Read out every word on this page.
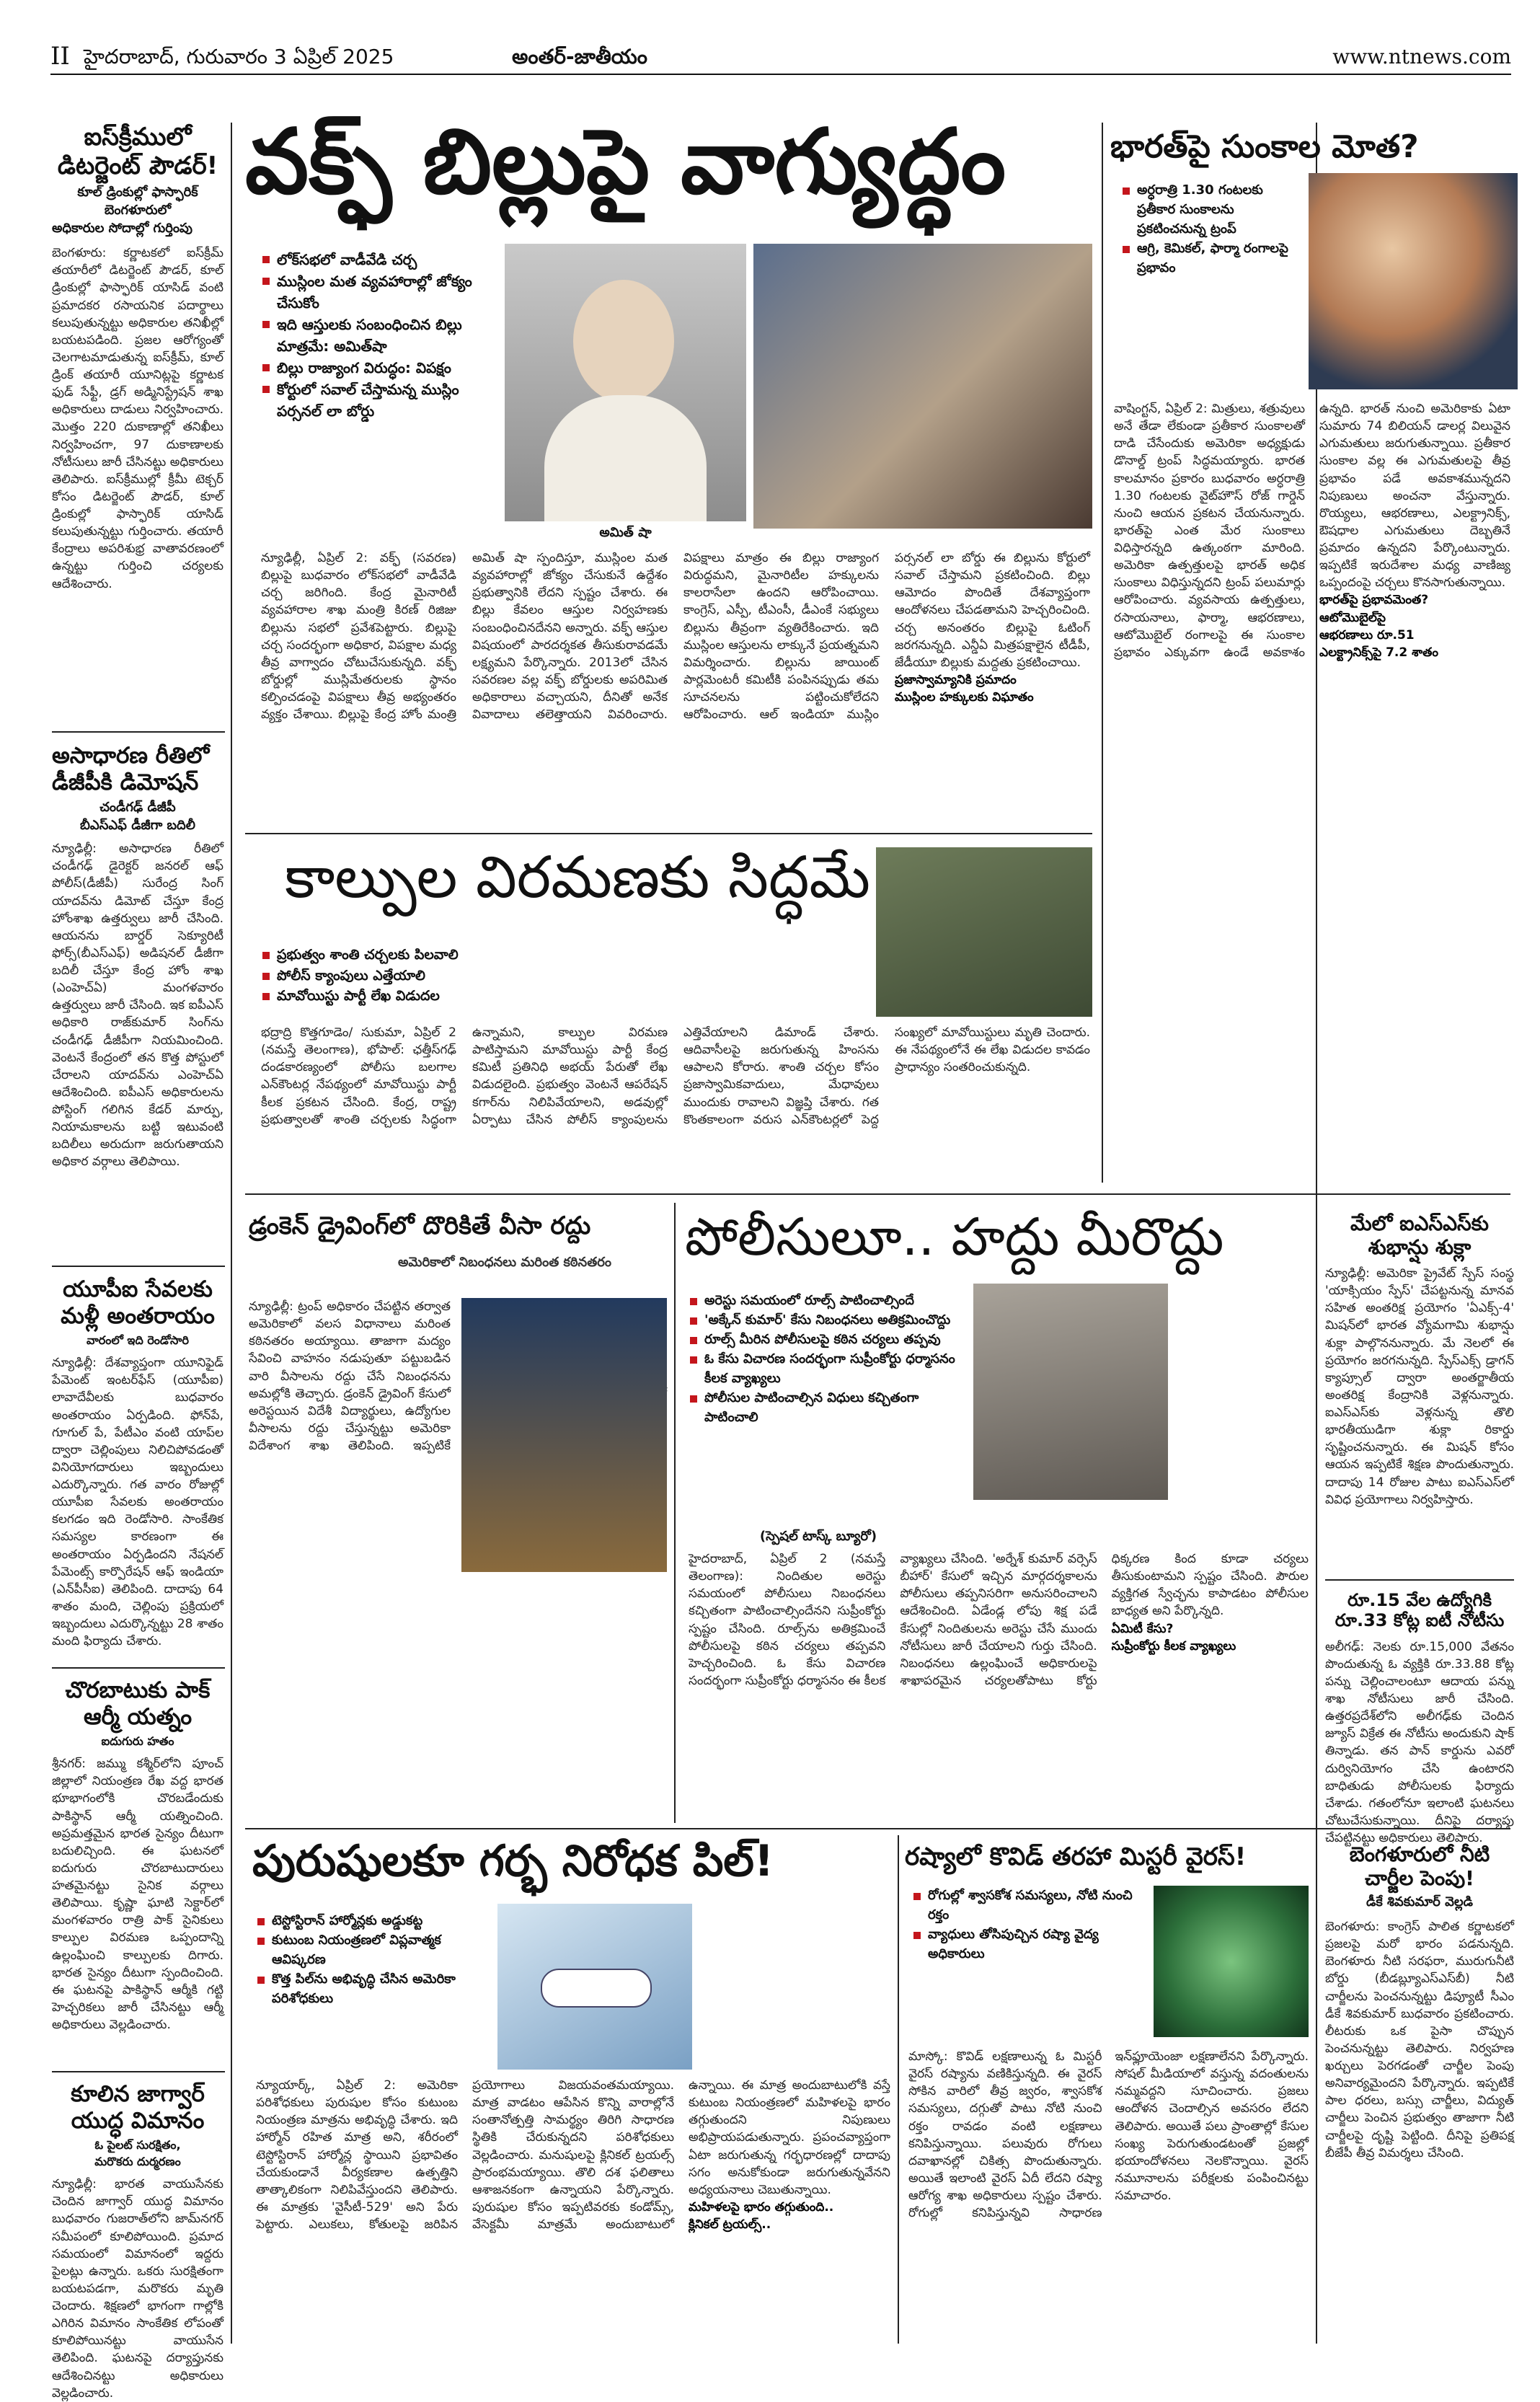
II హైదరాబాద్, గురువారం 3 ఏప్రిల్ 2025	అంతర్-జాతీయం	www.ntnews.com
ఐస్‌క్రీములో డిటర్జెంట్ పౌడర్!
కూల్ డ్రింకుల్లో ఫాస్ఫారిక్
బెంగళూరులో
అధికారుల సోదాల్లో గుర్తింపు
బెంగళూరు: కర్ణాటకలో ఐస్‌క్రీమ్ తయారీలో డిటర్జెంట్ పౌడర్, కూల్ డ్రింకుల్లో ఫాస్ఫారిక్ యాసిడ్ వంటి ప్రమాదకర రసాయనిక పదార్థాలు కలుపుతున్నట్టు అధికారుల తనిఖీల్లో బయటపడింది. ప్రజల ఆరోగ్యంతో చెలగాటమాడుతున్న ఐస్‌క్రీమ్, కూల్ డ్రింక్ తయారీ యూనిట్లపై కర్ణాటక ఫుడ్ సేఫ్టీ, డ్రగ్ అడ్మినిస్ట్రేషన్ శాఖ అధికారులు దాడులు నిర్వహించారు. మొత్తం 220 దుకాణాల్లో తనిఖీలు నిర్వహించగా, 97 దుకాణాలకు నోటీసులు జారీ చేసినట్టు అధికారులు తెలిపారు. ఐస్‌క్రీముల్లో క్రీమీ టెక్చర్ కోసం డిటర్జెంట్ పౌడర్, కూల్ డ్రింకుల్లో ఫాస్ఫారిక్ యాసిడ్ కలుపుతున్నట్టు గుర్తించారు. తయారీ కేంద్రాలు అపరిశుభ్ర వాతావరణంలో ఉన్నట్టు గుర్తించి చర్యలకు ఆదేశించారు.
అసాధారణ రీతిలో డీజీపీకి డిమోషన్
చండీగఢ్ డీజీపీ
బీఎస్‌ఎఫ్ డీజీగా బదిలీ
న్యూఢిల్లీ: అసాధారణ రీతిలో చండీగఢ్ డైరెక్టర్ జనరల్ ఆఫ్ పోలీస్(డీజీపీ) సురేంద్ర సింగ్ యాదవ్‌ను డిమోట్ చేస్తూ కేంద్ర హోంశాఖ ఉత్తర్వులు జారీ చేసింది. ఆయనను బార్డర్ సెక్యూరిటీ ఫోర్స్(బీఎస్‌ఎఫ్) అడిషనల్ డీజీగా బదిలీ చేస్తూ కేంద్ర హోం శాఖ (ఎంహెచ్‌ఏ) మంగళవారం ఉత్తర్వులు జారీ చేసింది. ఇక ఐపీఎస్ అధికారి రాజ్‌కుమార్ సింగ్‌ను చండీగఢ్ డీజీపీగా నియమించింది. వెంటనే కేంద్రంలో తన కొత్త పోస్టులో చేరాలని యాదవ్‌ను ఎంహెచ్‌ఏ ఆదేశించింది. ఐపీఎస్ అధికారులను పోస్టింగ్ గలిగిన కేడర్ మార్పు, నియామకాలను బట్టి ఇటువంటి బదిలీలు అరుదుగా జరుగుతాయని అధికార వర్గాలు తెలిపాయి.
యూపీఐ సేవలకు మళ్లీ అంతరాయం
వారంలో ఇది రెండోసారి
న్యూఢిల్లీ: దేశవ్యాప్తంగా యూనిఫైడ్ పేమెంట్ ఇంటర్‌ఫేస్ (యూపీఐ) లావాదేవీలకు బుధవారం అంతరాయం ఏర్పడింది. ఫోన్‌పే, గూగుల్ పే, పేటీఎం వంటి యాప్‌ల ద్వారా చెల్లింపులు నిలిచిపోవడంతో వినియోగదారులు ఇబ్బందులు ఎదుర్కొన్నారు. గత వారం రోజుల్లో యూపీఐ సేవలకు అంతరాయం కలగడం ఇది రెండోసారి. సాంకేతిక సమస్యల కారణంగా ఈ అంతరాయం ఏర్పడిందని నేషనల్ పేమెంట్స్ కార్పొరేషన్ ఆఫ్ ఇండియా (ఎన్‌పీసీఐ) తెలిపింది. దాదాపు 64 శాతం మంది, చెల్లింపు ప్రక్రియలో ఇబ్బందులు ఎదుర్కొన్నట్టు 28 శాతం మంది ఫిర్యాదు చేశారు.
చొరబాటుకు పాక్ ఆర్మీ యత్నం
ఐదుగురు హతం
శ్రీనగర్: జమ్ము కశ్మీర్‌లోని పూంచ్ జిల్లాలో నియంత్రణ రేఖ వద్ద భారత భూభాగంలోకి చొరబడేందుకు పాకిస్థాన్ ఆర్మీ యత్నించింది. అప్రమత్తమైన భారత సైన్యం దీటుగా బదులిచ్చింది. ఈ ఘటనలో ఐదుగురు చొరబాటుదారులు హతమైనట్టు సైనిక వర్గాలు తెలిపాయి. కృష్ణా ఘాటి సెక్టార్‌లో మంగళవారం రాత్రి పాక్ సైనికులు కాల్పుల విరమణ ఒప్పందాన్ని ఉల్లంఘించి కాల్పులకు దిగారు. భారత సైన్యం దీటుగా స్పందించింది. ఈ ఘటనపై పాకిస్థాన్ ఆర్మీకి గట్టి హెచ్చరికలు జారీ చేసినట్టు ఆర్మీ అధికారులు వెల్లడించారు.
కూలిన జాగ్వార్ యుద్ధ విమానం
ఓ పైలట్ సురక్షితం,
మరొకరు దుర్మరణం
న్యూఢిల్లీ: భారత వాయుసేనకు చెందిన జాగ్వార్ యుద్ధ విమానం బుధవారం గుజరాత్‌లోని జామ్‌నగర్ సమీపంలో కూలిపోయింది. ప్రమాద సమయంలో విమానంలో ఇద్దరు పైలట్లు ఉన్నారు. ఒకరు సురక్షితంగా బయటపడగా, మరొకరు మృతి చెందారు. శిక్షణలో భాగంగా గాల్లోకి ఎగిరిన విమానం సాంకేతిక లోపంతో కూలిపోయినట్టు వాయుసేన తెలిపింది. ఘటనపై దర్యాప్తునకు ఆదేశించినట్టు అధికారులు వెల్లడించారు.
వక్ఫ్ బిల్లుపై వాగ్యుద్ధం
లోక్‌సభలో వాడీవేడి చర్చ
ముస్లింల మత వ్యవహారాల్లో జోక్యం చేసుకోం
ఇది ఆస్తులకు సంబంధించిన బిల్లు మాత్రమే: అమిత్‌షా
బిల్లు రాజ్యాంగ విరుద్ధం: విపక్షం
కోర్టులో సవాల్ చేస్తామన్న ముస్లిం పర్సనల్ లా బోర్డు
అమిత్ షా
న్యూఢిల్లీ, ఏప్రిల్ 2: వక్ఫ్ (సవరణ) బిల్లుపై బుధవారం లోక్‌సభలో వాడీవేడి చర్చ జరిగింది. కేంద్ర మైనారిటీ వ్యవహారాల శాఖ మంత్రి కిరణ్ రిజిజు బిల్లును సభలో ప్రవేశపెట్టారు. బిల్లుపై చర్చ సందర్భంగా అధికార, విపక్షాల మధ్య తీవ్ర వాగ్వాదం చోటుచేసుకున్నది. వక్ఫ్ బోర్డుల్లో ముస్లిమేతరులకు స్థానం కల్పించడంపై విపక్షాలు తీవ్ర అభ్యంతరం వ్యక్తం చేశాయి. బిల్లుపై కేంద్ర హోం మంత్రి అమిత్ షా స్పందిస్తూ, ముస్లింల మత వ్యవహారాల్లో జోక్యం చేసుకునే ఉద్దేశం ప్రభుత్వానికి లేదని స్పష్టం చేశారు. ఈ బిల్లు కేవలం ఆస్తుల నిర్వహణకు సంబంధించినదేనని అన్నారు. వక్ఫ్ ఆస్తుల విషయంలో పారదర్శకత తీసుకురావడమే లక్ష్యమని పేర్కొన్నారు. 2013లో చేసిన సవరణల వల్ల వక్ఫ్ బోర్డులకు అపరిమిత అధికారాలు వచ్చాయని, దీనితో అనేక వివాదాలు తలెత్తాయని వివరించారు. విపక్షాలు మాత్రం ఈ బిల్లు రాజ్యాంగ విరుద్ధమని, మైనారిటీల హక్కులను కాలరాసేలా ఉందని ఆరోపించాయి. కాంగ్రెస్, ఎస్పీ, టీఎంసీ, డీఎంకే సభ్యులు బిల్లును తీవ్రంగా వ్యతిరేకించారు. ఇది ముస్లింల ఆస్తులను లాక్కునే ప్రయత్నమని విమర్శించారు. బిల్లును జాయింట్ పార్లమెంటరీ కమిటీకి పంపినప్పుడు తమ సూచనలను పట్టించుకోలేదని ఆరోపించారు. ఆల్ ఇండియా ముస్లిం పర్సనల్ లా బోర్డు ఈ బిల్లును కోర్టులో సవాల్ చేస్తామని ప్రకటించింది. బిల్లు ఆమోదం పొందితే దేశవ్యాప్తంగా ఆందోళనలు చేపడతామని హెచ్చరించింది. చర్చ అనంతరం బిల్లుపై ఓటింగ్ జరగనున్నది. ఎన్డీఏ మిత్రపక్షాలైన టీడీపీ, జేడీయూ బిల్లుకు మద్దతు ప్రకటించాయి.
ప్రజాస్వామ్యానికి ప్రమాదం
ముస్లింల హక్కులకు విఘాతం
భారత్‌పై సుంకాల మోత?
అర్ధరాత్రి 1.30 గంటలకు ప్రతీకార సుంకాలను ప్రకటించనున్న ట్రంప్
ఆగ్రి, కెమికల్, ఫార్మా రంగాలపై ప్రభావం
వాషింగ్టన్, ఏప్రిల్ 2: మిత్రులు, శత్రువులు అనే తేడా లేకుండా ప్రతీకార సుంకాలతో దాడి చేసేందుకు అమెరికా అధ్యక్షుడు డొనాల్డ్ ట్రంప్ సిద్ధమయ్యారు. భారత కాలమానం ప్రకారం బుధవారం అర్ధరాత్రి 1.30 గంటలకు వైట్‌హౌస్ రోజ్ గార్డెన్ నుంచి ఆయన ప్రకటన చేయనున్నారు. భారత్‌పై ఎంత మేర సుంకాలు విధిస్తారన్నది ఉత్కంఠగా మారింది. అమెరికా ఉత్పత్తులపై భారత్ అధిక సుంకాలు విధిస్తున్నదని ట్రంప్ పలుమార్లు ఆరోపించారు. వ్యవసాయ ఉత్పత్తులు, రసాయనాలు, ఫార్మా, ఆభరణాలు, ఆటోమొబైల్ రంగాలపై ఈ సుంకాల ప్రభావం ఎక్కువగా ఉండే అవకాశం ఉన్నది. భారత్ నుంచి అమెరికాకు ఏటా సుమారు 74 బిలియన్ డాలర్ల విలువైన ఎగుమతులు జరుగుతున్నాయి. ప్రతీకార సుంకాల వల్ల ఈ ఎగుమతులపై తీవ్ర ప్రభావం పడే అవకాశమున్నదని నిపుణులు అంచనా వేస్తున్నారు. రొయ్యలు, ఆభరణాలు, ఎలక్ట్రానిక్స్, ఔషధాల ఎగుమతులు దెబ్బతినే ప్రమాదం ఉన్నదని పేర్కొంటున్నారు. ఇప్పటికే ఇరుదేశాల మధ్య వాణిజ్య ఒప్పందంపై చర్చలు కొనసాగుతున్నాయి.
భారత్‌పై ప్రభావమెంత?
ఆటోమొబైల్‌పై
ఆభరణాలు రూ.51
ఎలక్ట్రానిక్స్‌పై 7.2 శాతం
కాల్పుల విరమణకు సిద్ధమే
ప్రభుత్వం శాంతి చర్చలకు పిలవాలి
పోలీస్ క్యాంపులు ఎత్తేయాలి
మావోయిస్టు పార్టీ లేఖ విడుదల
భద్రాద్రి కొత్తగూడెం/ సుకుమా, ఏప్రిల్ 2 (నమస్తే తెలంగాణ), భోపాల్: ఛత్తీస్‌గఢ్ దండకారణ్యంలో పోలీసు బలగాల ఎన్‌కౌంటర్ల నేపథ్యంలో మావోయిస్టు పార్టీ కీలక ప్రకటన చేసింది. కేంద్ర, రాష్ట్ర ప్రభుత్వాలతో శాంతి చర్చలకు సిద్ధంగా ఉన్నామని, కాల్పుల విరమణ పాటిస్తామని మావోయిస్టు పార్టీ కేంద్ర కమిటీ ప్రతినిధి అభయ్ పేరుతో లేఖ విడుదలైంది. ప్రభుత్వం వెంటనే ఆపరేషన్ కగార్‌ను నిలిపివేయాలని, అడవుల్లో ఏర్పాటు చేసిన పోలీస్ క్యాంపులను ఎత్తివేయాలని డిమాండ్ చేశారు. ఆదివాసీలపై జరుగుతున్న హింసను ఆపాలని కోరారు. శాంతి చర్చల కోసం ప్రజాస్వామికవాదులు, మేధావులు ముందుకు రావాలని విజ్ఞప్తి చేశారు. గత కొంతకాలంగా వరుస ఎన్‌కౌంటర్లలో పెద్ద సంఖ్యలో మావోయిస్టులు మృతి చెందారు. ఈ నేపథ్యంలోనే ఈ లేఖ విడుదల కావడం ప్రాధాన్యం సంతరించుకున్నది.
డ్రంకెన్ డ్రైవింగ్‌లో దొరికితే వీసా రద్దు
అమెరికాలో నిబంధనలు మరింత కఠినతరం
న్యూఢిల్లీ: ట్రంప్ అధికారం చేపట్టిన తర్వాత అమెరికాలో వలస విధానాలు మరింత కఠినతరం అయ్యాయి. తాజాగా మద్యం సేవించి వాహనం నడుపుతూ పట్టుబడిన వారి వీసాలను రద్దు చేసే నిబంధనను అమల్లోకి తెచ్చారు. డ్రంకెన్ డ్రైవింగ్ కేసులో అరెస్టయిన విదేశీ విద్యార్థులు, ఉద్యోగుల వీసాలను రద్దు చేస్తున్నట్టు అమెరికా విదేశాంగ శాఖ తెలిపింది. ఇప్పటికే
పోలీసులూ.. హద్దు మీరొద్దు
అరెస్టు సమయంలో రూల్స్ పాటించాల్సిందే
'అక్కేన్ కుమార్' కేసు నిబంధనలు అతిక్రమించొద్దు
రూల్స్ మీరిన పోలీసులపై కఠిన చర్యలు తప్పవు
ఓ కేసు విచారణ సందర్భంగా సుప్రీంకోర్టు ధర్మాసనం కీలక వ్యాఖ్యలు
పోలీసుల పాటించాల్సిన విధులు కచ్చితంగా పాటించాలి
(స్పెషల్ టాస్క్ బ్యూరో)
హైదరాబాద్, ఏప్రిల్ 2 (నమస్తే తెలంగాణ): నిందితుల అరెస్టు సమయంలో పోలీసులు నిబంధనలు కచ్చితంగా పాటించాల్సిందేనని సుప్రీంకోర్టు స్పష్టం చేసింది. రూల్స్‌ను అతిక్రమించే పోలీసులపై కఠిన చర్యలు తప్పవని హెచ్చరించింది. ఓ కేసు విచారణ సందర్భంగా సుప్రీంకోర్టు ధర్మాసనం ఈ కీలక వ్యాఖ్యలు చేసింది. 'అర్నేశ్ కుమార్ వర్సెస్ బీహార్' కేసులో ఇచ్చిన మార్గదర్శకాలను పోలీసులు తప్పనిసరిగా అనుసరించాలని ఆదేశించింది. ఏడేండ్ల లోపు శిక్ష పడే కేసుల్లో నిందితులను అరెస్టు చేసే ముందు నోటీసులు జారీ చేయాలని గుర్తు చేసింది. నిబంధనలు ఉల్లంఘించే అధికారులపై శాఖాపరమైన చర్యలతోపాటు కోర్టు ధిక్కరణ కింద కూడా చర్యలు తీసుకుంటామని స్పష్టం చేసింది. పౌరుల వ్యక్తిగత స్వేచ్ఛను కాపాడటం పోలీసుల బాధ్యత అని పేర్కొన్నది.
ఏమిటీ కేసు?
సుప్రీంకోర్టు కీలక వ్యాఖ్యలు
మేలో ఐఎస్‌ఎస్‌కు శుభాన్షు శుక్లా
న్యూఢిల్లీ: అమెరికా ప్రైవేట్ స్పేస్ సంస్థ 'యాక్సియం స్పేస్' చేపట్టనున్న మానవ సహిత అంతరిక్ష ప్రయోగం 'ఏఎక్స్-4' మిషన్‌లో భారత వ్యోమగామి శుభాన్షు శుక్లా పాల్గొననున్నారు. మే నెలలో ఈ ప్రయోగం జరగనున్నది. స్పేస్‌ఎక్స్ డ్రాగన్ క్యాప్సూల్ ద్వారా అంతర్జాతీయ అంతరిక్ష కేంద్రానికి వెళ్లనున్నారు. ఐఎస్‌ఎస్‌కు వెళ్లనున్న తొలి భారతీయుడిగా శుక్లా రికార్డు సృష్టించనున్నారు. ఈ మిషన్ కోసం ఆయన ఇప్పటికే శిక్షణ పొందుతున్నారు. దాదాపు 14 రోజుల పాటు ఐఎస్‌ఎస్‌లో వివిధ ప్రయోగాలు నిర్వహిస్తారు.
రూ.15 వేల ఉద్యోగికి రూ.33 కోట్ల ఐటీ నోటీసు
అలీగఢ్: నెలకు రూ.15,000 వేతనం పొందుతున్న ఓ వ్యక్తికి రూ.33.88 కోట్ల పన్ను చెల్లించాలంటూ ఆదాయ పన్ను శాఖ నోటీసులు జారీ చేసింది. ఉత్తరప్రదేశ్‌లోని అలీగఢ్‌కు చెందిన జ్యూస్ విక్రేత ఈ నోటీసు అందుకుని షాక్ తిన్నాడు. తన పాన్ కార్డును ఎవరో దుర్వినియోగం చేసి ఉంటారని బాధితుడు పోలీసులకు ఫిర్యాదు చేశాడు. గతంలోనూ ఇలాంటి ఘటనలు చోటుచేసుకున్నాయి. దీనిపై దర్యాప్తు చేపట్టినట్టు అధికారులు తెలిపారు.
పురుషులకూ గర్భ నిరోధక పిల్!
టెస్టోస్టిరాన్ హార్మోన్లకు అడ్డుకట్ట
కుటుంబ నియంత్రణలో విప్లవాత్మక ఆవిష్కరణ
కొత్త పిల్‌ను అభివృద్ధి చేసిన అమెరికా పరిశోధకులు
న్యూయార్క్, ఏప్రిల్ 2: అమెరికా పరిశోధకులు పురుషుల కోసం కుటుంబ నియంత్రణ మాత్రను అభివృద్ధి చేశారు. ఇది హార్మోన్ రహిత మాత్ర అని, శరీరంలో టెస్టోస్టిరాన్ హార్మోన్ల స్థాయిని ప్రభావితం చేయకుండానే వీర్యకణాల ఉత్పత్తిని తాత్కాలికంగా నిలిపివేస్తుందని తెలిపారు. ఈ మాత్రకు 'వైసీటీ-529' అని పేరు పెట్టారు. ఎలుకలు, కోతులపై జరిపిన ప్రయోగాలు విజయవంతమయ్యాయి. మాత్ర వాడటం ఆపేసిన కొన్ని వారాల్లోనే సంతానోత్పత్తి సామర్థ్యం తిరిగి సాధారణ స్థితికి చేరుకున్నదని పరిశోధకులు వెల్లడించారు. మనుషులపై క్లినికల్ ట్రయల్స్ ప్రారంభమయ్యాయి. తొలి దశ ఫలితాలు ఆశాజనకంగా ఉన్నాయని పేర్కొన్నారు. పురుషుల కోసం ఇప్పటివరకు కండోమ్స్, వేసెక్టమీ మాత్రమే అందుబాటులో ఉన్నాయి. ఈ మాత్ర అందుబాటులోకి వస్తే కుటుంబ నియంత్రణలో మహిళలపై భారం తగ్గుతుందని నిపుణులు అభిప్రాయపడుతున్నారు. ప్రపంచవ్యాప్తంగా ఏటా జరుగుతున్న గర్భధారణల్లో దాదాపు సగం అనుకోకుండా జరుగుతున్నవేనని అధ్యయనాలు చెబుతున్నాయి.
మహిళలపై భారం తగ్గుతుంది..
క్లినికల్ ట్రయల్స్..
రష్యాలో కొవిడ్ తరహా మిస్టరీ వైరస్!
రోగుల్లో శ్వాసకోశ సమస్యలు, నోటి నుంచి రక్తం
వ్యాధులు తోసిపుచ్చిన రష్యా వైద్య అధికారులు
మాస్కో: కొవిడ్ లక్షణాలున్న ఓ మిస్టరీ వైరస్ రష్యాను వణికిస్తున్నది. ఈ వైరస్ సోకిన వారిలో తీవ్ర జ్వరం, శ్వాసకోశ సమస్యలు, దగ్గుతో పాటు నోటి నుంచి రక్తం రావడం వంటి లక్షణాలు కనిపిస్తున్నాయి. పలువురు రోగులు దవాఖానల్లో చికిత్స పొందుతున్నారు. అయితే ఇలాంటి వైరస్ ఏదీ లేదని రష్యా ఆరోగ్య శాఖ అధికారులు స్పష్టం చేశారు. రోగుల్లో కనిపిస్తున్నవి సాధారణ ఇన్‌ఫ్లూయెంజా లక్షణాలేనని పేర్కొన్నారు. సోషల్ మీడియాలో వస్తున్న వదంతులను నమ్మవద్దని సూచించారు. ప్రజలు ఆందోళన చెందాల్సిన అవసరం లేదని తెలిపారు. అయితే పలు ప్రాంతాల్లో కేసుల సంఖ్య పెరుగుతుండటంతో ప్రజల్లో భయాందోళనలు నెలకొన్నాయి. వైరస్ నమూనాలను పరీక్షలకు పంపించినట్టు సమాచారం.
బెంగళూరులో నీటి చార్జీల పెంపు!
డీకే శివకుమార్ వెల్లడి
బెంగళూరు: కాంగ్రెస్ పాలిత కర్ణాటకలో ప్రజలపై మరో భారం పడనున్నది. బెంగళూరు నీటి సరఫరా, మురుగునీటి బోర్డు (బీడబ్ల్యూఎస్‌ఎస్‌బీ) నీటి చార్జీలను పెంచనున్నట్టు డిప్యూటీ సీఎం డీకే శివకుమార్ బుధవారం ప్రకటించారు. లీటరుకు ఒక పైసా చొప్పున పెంచనున్నట్టు తెలిపారు. నిర్వహణ ఖర్చులు పెరగడంతో చార్జీల పెంపు అనివార్యమైందని పేర్కొన్నారు. ఇప్పటికే పాల ధరలు, బస్సు చార్జీలు, విద్యుత్ చార్జీలు పెంచిన ప్రభుత్వం తాజాగా నీటి చార్జీలపై దృష్టి పెట్టింది. దీనిపై ప్రతిపక్ష బీజేపీ తీవ్ర విమర్శలు చేసింది.
